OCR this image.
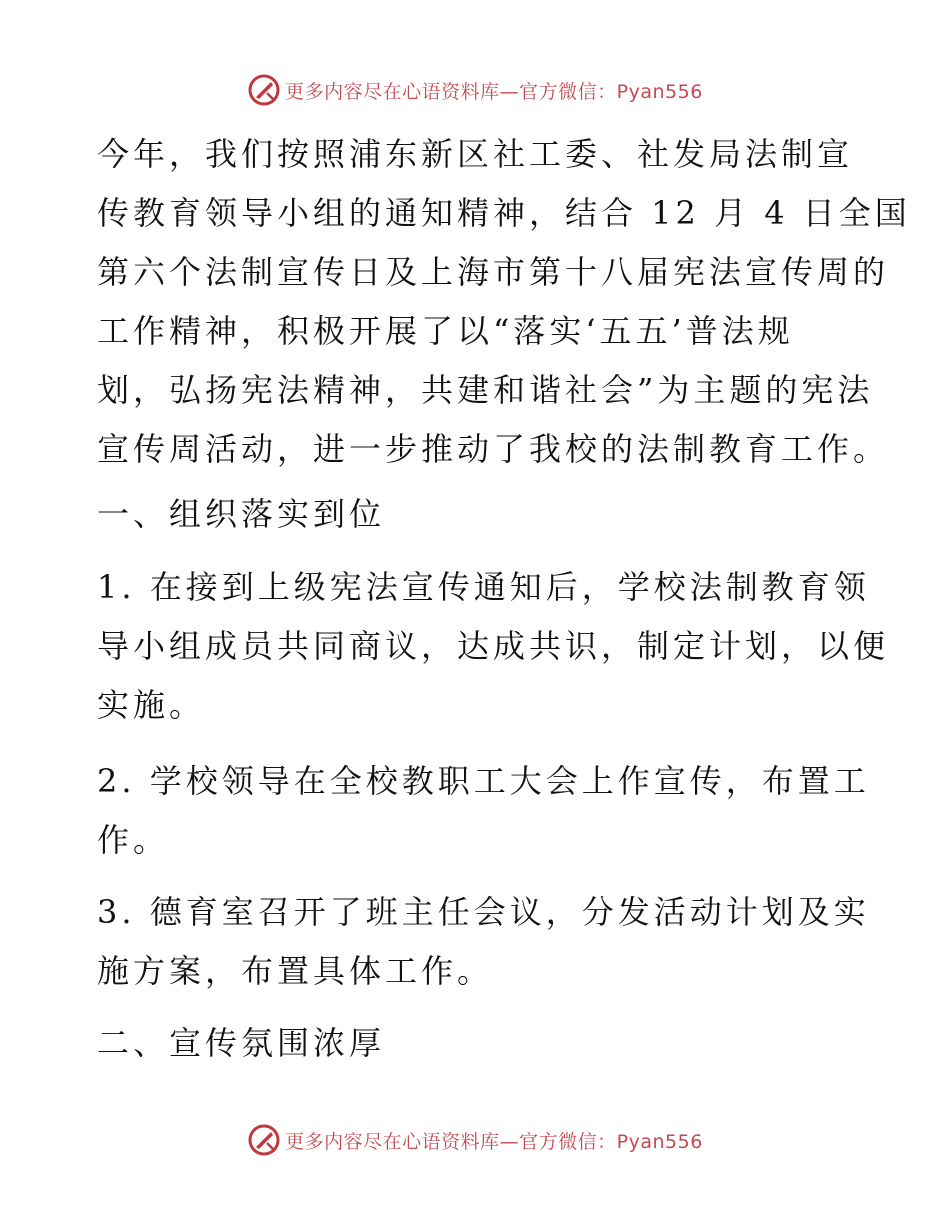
更多内容尽在心语资料库—官方微信：Pyan556
今年，我们按照浦东新区社工委、社发局法制宣
传教育领导小组的通知精神，结合 12 月 4 日全国
第六个法制宣传日及上海市第十八届宪法宣传周的
工作精神，积极开展了以“落实‘五五’普法规
划，弘扬宪法精神，共建和谐社会”为主题的宪法
宣传周活动，进一步推动了我校的法制教育工作。
一、组织落实到位
1. 在接到上级宪法宣传通知后，学校法制教育领
导小组成员共同商议，达成共识，制定计划，以便
实施。
2. 学校领导在全校教职工大会上作宣传，布置工
作。
3. 德育室召开了班主任会议，分发活动计划及实
施方案，布置具体工作。
二、宣传氛围浓厚
更多内容尽在心语资料库—官方微信：Pyan556
